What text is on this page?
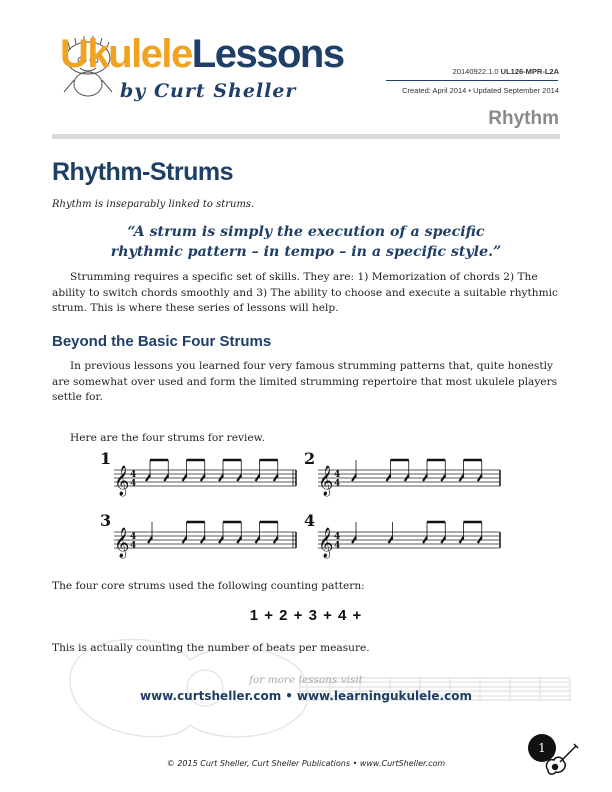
UkuleleLessons
by Curt Sheller
20140922.1.0 UL126-MPR-L2A
Created: April 2014 • Updated September 2014
Rhythm
Rhythm-Strums
Rhythm is inseparably linked to strums.
“A strum is simply the execution of a specific
rhythmic pattern – in tempo – in a specific style.”
Strumming requires a specific set of skills. They are: 1) Memorization of chords 2) The ability to switch chords smoothly and 3) The ability to choose and execute a suitable rhythmic strum. This is where these series of lessons will help.
Beyond the Basic Four Strums
In previous lessons you learned four very famous strumming patterns that, quite honestly are somewhat over used and form the limited strumming repertoire that most ukulele players settle for.
Here are the four strums for review.
1
𝄞 4
4
2
𝄞 4
4
3
𝄞 4
4
4
𝄞 4
4
The four core strums used the following counting pattern:
1 + 2 + 3 + 4 +
This is actually counting the number of beats per measure.
for more lessons visit
www.curtsheller.com • www.learningukulele.com
1
© 2015 Curt Sheller, Curt Sheller Publications • www.CurtSheller.com
